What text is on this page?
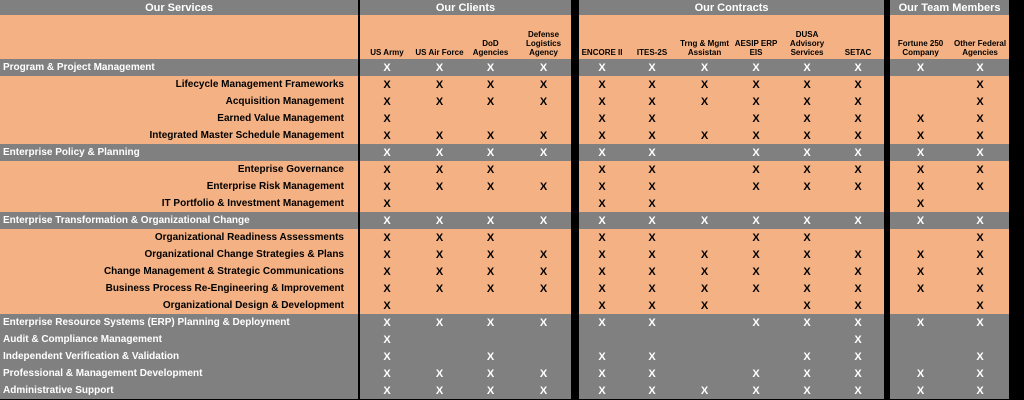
Our Services		Our Clients					Our Contracts							Our Team Members		
		US Army	US Air Force	DoD Agencies	Defense Logistics Agency		ENCORE II	ITES-2S	Trng & Mgmt Assistan	AESIP ERP EIS	DUSA Advisory Services	SETAC		Fortune 250 Company	Other Federal Agencies	
Program & Project Management		X	X	X	X		X	X	X	X	X	X		X	X	
Lifecycle Management Frameworks		X	X	X	X		X	X	X	X	X	X			X	
Acquisition Management		X	X	X	X		X	X	X	X	X	X			X	
Earned Value Management		X					X	X		X	X	X		X	X	
Integrated Master Schedule Management		X	X	X	X		X	X	X	X	X	X		X	X	
Enterprise Policy & Planning		X	X	X	X		X	X		X	X	X		X	X	
Enteprise Governance		X	X	X			X	X		X	X	X		X	X	
Enterprise Risk Management		X	X	X	X		X	X		X	X	X		X	X	
IT Portfolio & Investment Management		X					X	X						X		
Enterprise Transformation & Organizational Change		X	X	X	X		X	X	X	X	X	X		X	X	
Organizational Readiness Assessments		X	X	X			X	X		X	X				X	
Organizational Change Strategies & Plans		X	X	X	X		X	X	X	X	X	X		X	X	
Change Management & Strategic Communications		X	X	X	X		X	X	X	X	X	X		X	X	
Business Process Re-Engineering & Improvement		X	X	X	X		X	X	X	X	X	X		X	X	
Organizational Design & Development		X					X	X	X		X	X			X	
Enterprise Resource Systems (ERP) Planning & Deployment		X	X	X	X		X	X		X	X	X		X	X	
Audit & Compliance Management		X										X				
Independent Verification & Validation		X		X			X	X			X	X			X	
Professional & Management Development		X	X	X	X		X	X		X	X	X		X	X	
Administrative Support		X	X	X	X		X	X	X	X	X	X		X	X	
